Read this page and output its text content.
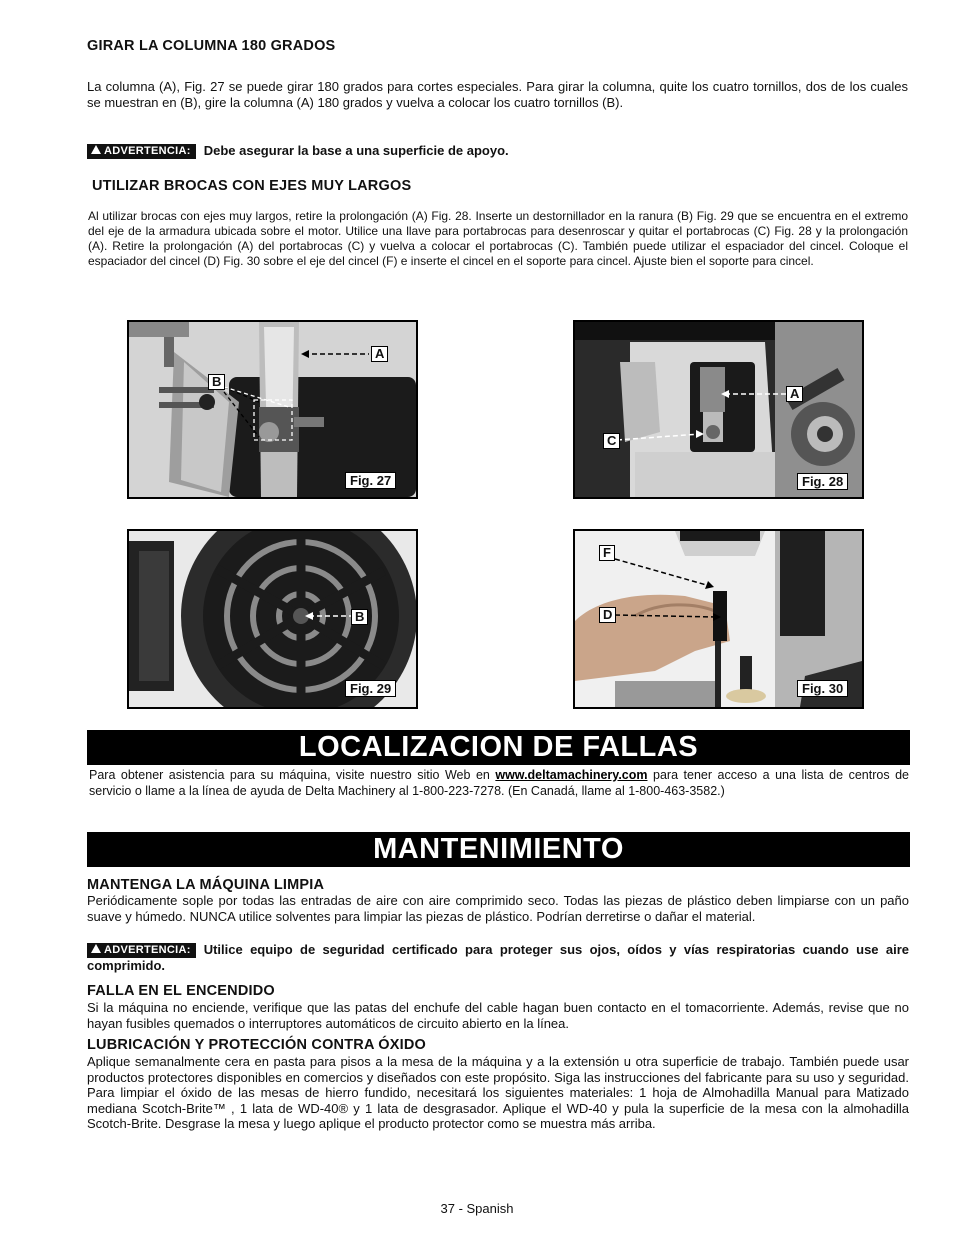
GIRAR LA COLUMNA 180 GRADOS

La columna (A), Fig. 27 se puede girar 180 grados para cortes especiales. Para girar la columna, quite los cuatro tornillos, dos de los cuales se muestran en (B), gire la columna (A) 180 grados y vuelva a colocar los cuatro tornillos (B).

ADVERTENCIA: Debe asegurar la base a una superficie de apoyo.
UTILIZAR BROCAS CON EJES MUY LARGOS

Al utilizar brocas con ejes muy largos, retire la prolongación (A) Fig. 28. Inserte un destornillador en la ranura (B) Fig. 29 que se encuentra en el extremo del eje de la armadura ubicada sobre el motor. Utilice una llave para portabrocas para desenroscar y quitar el portabrocas (C) Fig. 28 y la prolongación (A). Retire la prolongación (A) del portabrocas (C) y vuelva a colocar el portabrocas (C). También puede utilizar el espaciador del cincel. Coloque el espaciador del cincel (D) Fig. 30 sobre el eje del cincel (F) e inserte el cincel en el soporte para cincel. Ajuste bien el soporte para cincel.

A
B
Fig. 27
A
C
Fig. 28
B
Fig. 29
F
D
Fig. 30
LOCALIZACION DE FALLAS

Para obtener asistencia para su máquina, visite nuestro sitio Web en www.deltamachinery.com para tener acceso a una lista de centros de servicio o llame a la línea de ayuda de Delta Machinery al 1-800-223-7278. (En Canadá, llame al 1-800-463-3582.)

MANTENIMIENTO
MANTENGA LA MÁQUINA LIMPIA

Periódicamente sople por todas las entradas de aire con aire comprimido seco. Todas las piezas de plástico deben limpiarse con un paño suave y húmedo. NUNCA utilice solventes para limpiar las piezas de plástico. Podrían derretirse o dañar el material.

ADVERTENCIA: Utilice equipo de seguridad certificado para proteger sus ojos, oídos y vías respiratorias cuando use aire comprimido.
FALLA EN EL ENCENDIDO

Si la máquina no enciende, verifique que las patas del enchufe del cable hagan buen contacto en el tomacorriente. Además, revise que no hayan fusibles quemados o interruptores automáticos de circuito abierto en la línea.

LUBRICACIÓN Y PROTECCIÓN CONTRA ÓXIDO

Aplique semanalmente cera en pasta para pisos a la mesa de la máquina y a la extensión u otra superficie de trabajo. También puede usar productos protectores disponibles en comercios y diseñados con este propósito. Siga las instrucciones del fabricante para su uso y seguridad. Para limpiar el óxido de las mesas de hierro fundido, necesitará los siguientes materiales: 1 hoja de Almohadilla Manual para Matizado mediana Scotch-Brite™ , 1 lata de WD-40® y 1 lata de desgrasador. Aplique el WD-40 y pula la superficie de la mesa con la almohadilla Scotch-Brite. Desgrase la mesa y luego aplique el producto protector como se muestra más arriba.

37 - Spanish
